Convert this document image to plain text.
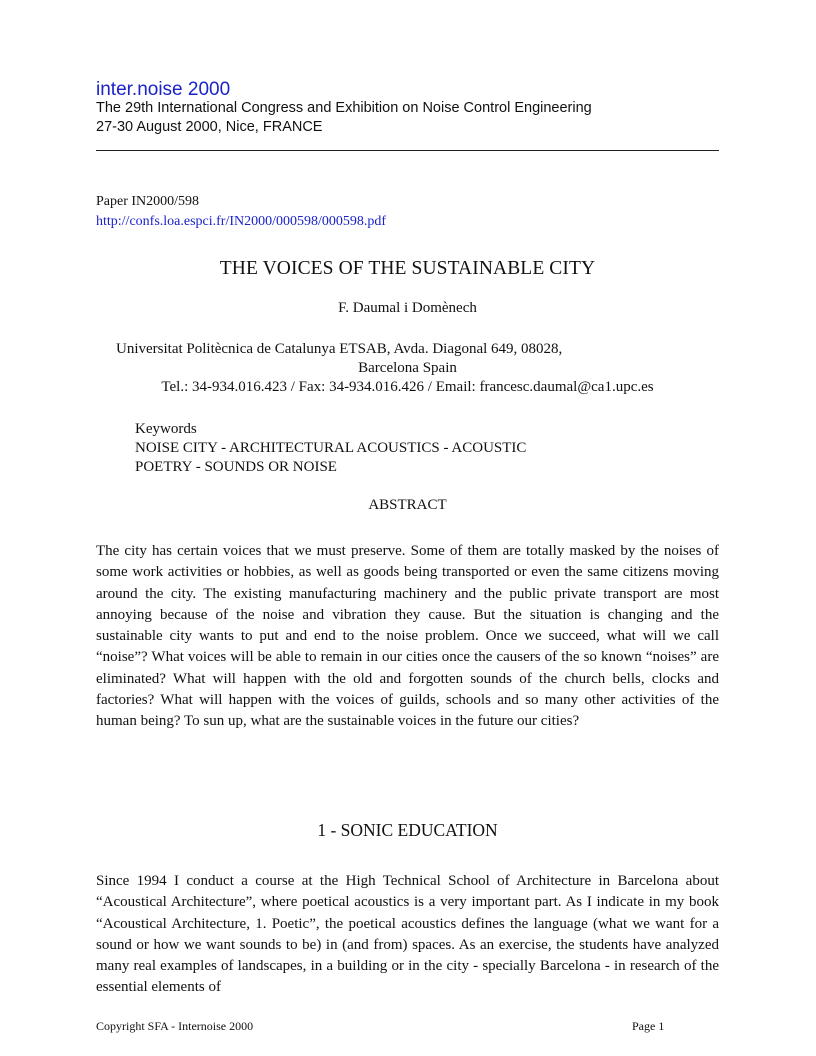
inter.noise 2000
The 29th International Congress and Exhibition on Noise Control Engineering
27-30 August 2000, Nice, FRANCE
Paper IN2000/598
http://confs.loa.espci.fr/IN2000/000598/000598.pdf
THE VOICES OF THE SUSTAINABLE CITY
F. Daumal i Domènech
Universitat Politècnica de Catalunya ETSAB, Avda. Diagonal 649, 08028,
Barcelona Spain
Tel.: 34-934.016.423 / Fax: 34-934.016.426 / Email: francesc.daumal@ca1.upc.es
Keywords
NOISE CITY - ARCHITECTURAL ACOUSTICS - ACOUSTIC
POETRY - SOUNDS OR NOISE
ABSTRACT

The city has certain voices that we must preserve. Some of them are totally masked by the noises of some work activities or hobbies, as well as goods being transported or even the same citizens moving around the city. The existing manufacturing machinery and the public private transport are most annoying because of the noise and vibration they cause. But the situation is changing and the sustainable city wants to put and end to the noise problem. Once we succeed, what will we call “noise”? What voices will be able to remain in our cities once the causers of the so known “noises” are eliminated? What will happen with the old and forgotten sounds of the church bells, clocks and factories? What will happen with the voices of guilds, schools and so many other activities of the human being? To sun up, what are the sustainable voices in the future our cities?

1 - SONIC EDUCATION

Since 1994 I conduct a course at the High Technical School of Architecture in Barcelona about “Acoustical Architecture”, where poetical acoustics is a very important part. As I indicate in my book “Acoustical Architecture, 1. Poetic”, the poetical acoustics defines the language (what we want for a sound or how we want sounds to be) in (and from) spaces. As an exercise, the students have analyzed many real examples of landscapes, in a building or in the city - specially Barcelona - in research of the essential elements of

Copyright SFA - Internoise 2000	Page 1
